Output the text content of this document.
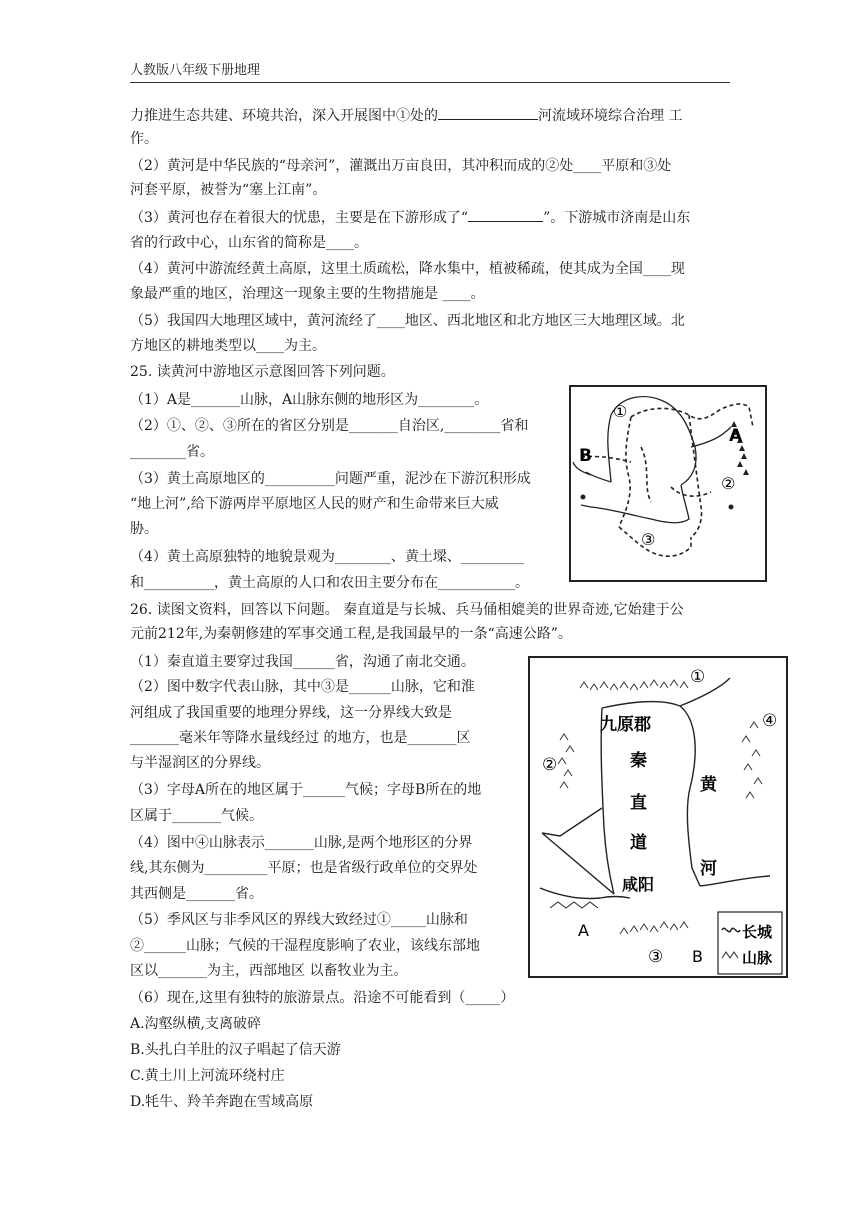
人教版八年级下册地理
力推进生态共建、环境共治，深入开展图中①处的	河流域环境综合治理 工
作。
（2）黄河是中华民族的“母亲河”，灌溉出万亩良田，其冲积而成的②处____平原和③处
河套平原，被誉为“塞上江南”。
（3）黄河也存在着很大的忧患，主要是在下游形成了“	”。下游城市济南是山东
省的行政中心，山东省的简称是____。
（4）黄河中游流经黄土高原，这里土质疏松，降水集中，植被稀疏，使其成为全国____现
象最严重的地区，治理这一现象主要的生物措施是 ____。
（5）我国四大地理区域中，黄河流经了____地区、西北地区和北方地区三大地理区域。北
方地区的耕地类型以____为主。
25. 读黄河中游地区示意图回答下列问题。
（1）A是_______山脉，A山脉东侧的地形区为________。
（2）①、②、③所在的省区分别是_______自治区,________省和
________省。
（3）黄土高原地区的__________问题严重，泥沙在下游沉积形成
“地上河”,给下游两岸平原地区人民的财产和生命带来巨大威
胁。
（4）黄土高原独特的地貌景观为________、黄土墚、_________
和__________，黄土高原的人口和农田主要分布在___________。
26. 读图文资料，回答以下问题。 秦直道是与长城、兵马俑相媲美的世界奇迹,它始建于公
元前212年,为秦朝修建的军事交通工程,是我国最早的一条“高速公路”。
（1）秦直道主要穿过我国______省，沟通了南北交通。
（2）图中数字代表山脉，其中③是______山脉，它和淮
河组成了我国重要的地理分界线，这一分界线大致是
_______毫米年等降水量线经过 的地方，也是_______区
与半湿润区的分界线。
（3）字母A所在的地区属于______气候；字母B所在的地
区属于_______气候。
（4）图中④山脉表示_______山脉,是两个地形区的分界
线,其东侧为_________平原；也是省级行政单位的交界处
其西侧是_______省。
（5）季风区与非季风区的界线大致经过①_____山脉和
②______山脉；气候的干湿程度影响了农业，该线东部地
区以_______为主，西部地区 以畜牧业为主。
（6）现在,这里有独特的旅游景点。沿途不可能看到（_____）
A.沟壑纵横,支离破碎
B.头扎白羊肚的汉子唱起了信天游
C.黄土川上河流环绕村庄
D.牦牛、羚羊奔跑在雪域高原
①
②
③
A
B
九原郡
秦
直
道
咸阳
黄
河
①
②
③
④
A
B
长城
山脉
